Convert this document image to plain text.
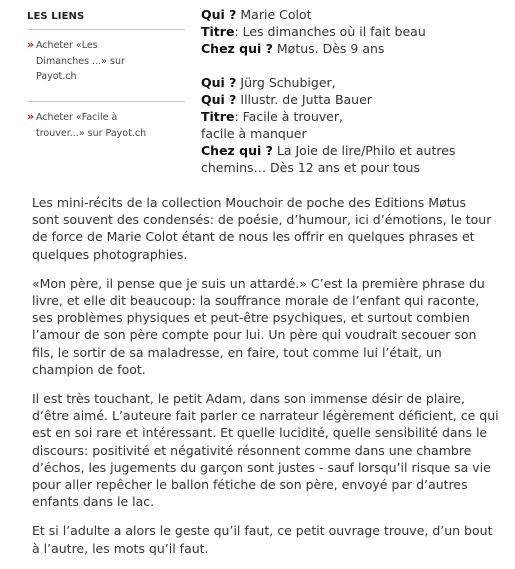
LES LIENS
» Acheter «Les
Dimanches ...» sur
Payot.ch
» Acheter «Facile à
trouver...» sur Payot.ch
Qui ? Marie Colot
Titre: Les dimanches où il fait beau
Chez qui ? Møtus. Dès 9 ans
Qui ? Jürg Schubiger,
Qui ? Illustr. de Jutta Bauer
Titre: Facile à trouver,
facile à manquer
Chez qui ? La Joie de lire/Philo et autres
chemins… Dès 12 ans et pour tous

Les mini-récits de la collection Mouchoir de poche des Editions Møtus
sont souvent des condensés: de poésie, d’humour, ici d’émotions, le tour
de force de Marie Colot étant de nous les offrir en quelques phrases et
quelques photographies.

«Mon père, il pense que je suis un attardé.» C’est la première phrase du
livre, et elle dit beaucoup: la souffrance morale de l’enfant qui raconte,
ses problèmes physiques et peut-être psychiques, et surtout combien
l’amour de son père compte pour lui. Un père qui voudrait secouer son
fils, le sortir de sa maladresse, en faire, tout comme lui l’était, un
champion de foot.

Il est très touchant, le petit Adam, dans son immense désir de plaire,
d’être aimé. L’auteure fait parler ce narrateur légèrement déficient, ce qui
est en soi rare et intéressant. Et quelle lucidité, quelle sensibilité dans le
discours: positivité et négativité résonnent comme dans une chambre
d’échos, les jugements du garçon sont justes - sauf lorsqu’il risque sa vie
pour aller repêcher le ballon fétiche de son père, envoyé par d’autres
enfants dans le lac.

Et si l’adulte a alors le geste qu’il faut, ce petit ouvrage trouve, d’un bout
à l’autre, les mots qu’il faut.
